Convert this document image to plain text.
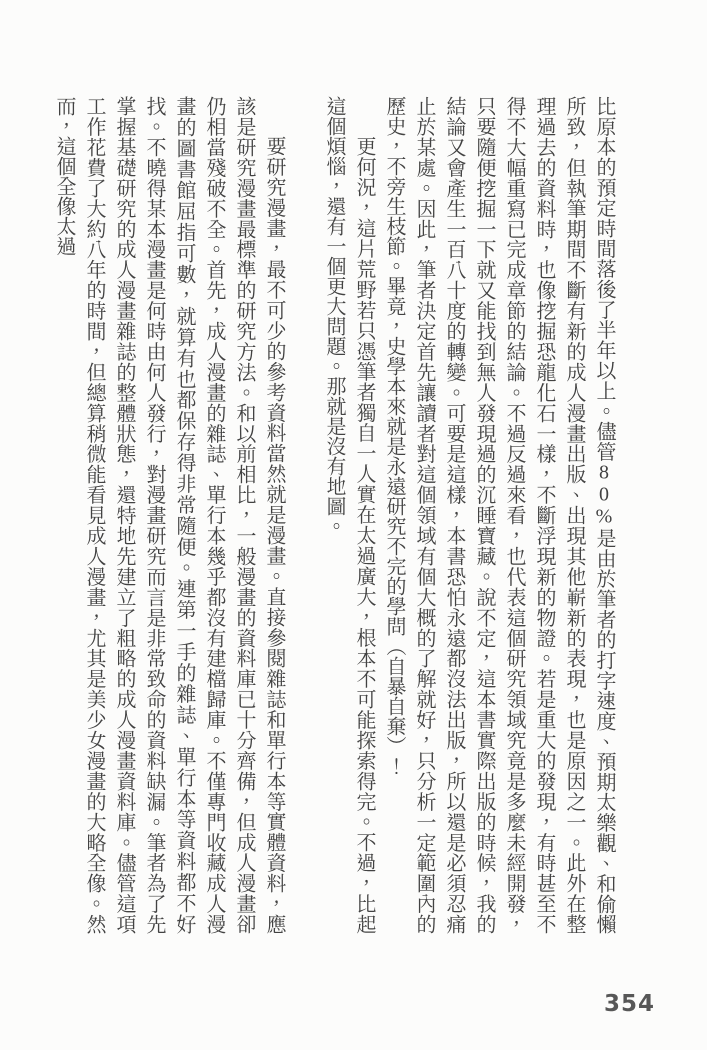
比原本的預定時間落後了半年以上。儘管80%是由於筆者的打字速度、預期太樂觀、和偷懶所致，但執筆期間不斷有新的成人漫畫出版、出現其他嶄新的表現，也是原因之一。此外在整理過去的資料時，也像挖掘恐龍化石一樣，不斷浮現新的物證。若是重大的發現，有時甚至不得不大幅重寫已完成章節的結論。不過反過來看，也代表這個研究領域究竟是多麼未經開發，只要隨便挖掘一下就又能找到無人發現過的沉睡寶藏。說不定，這本書實際出版的時候，我的結論又會產生一百八十度的轉變。可要是這樣，本書恐怕永遠都沒法出版，所以還是必須忍痛止於某處。因此，筆者決定首先讓讀者對這個領域有個大概的了解就好，只分析一定範圍內的歷史，不旁生枝節。畢竟，史學本來就是永遠研究不完的學問（自暴自棄）！

更何況，這片荒野若只憑筆者獨自一人實在太過廣大，根本不可能探索得完。不過，比起這個煩惱，還有一個更大問題。那就是沒有地圖。

要研究漫畫，最不可少的參考資料當然就是漫畫。直接參閱雜誌和單行本等實體資料，應該是研究漫畫最標準的研究方法。和以前相比，一般漫畫的資料庫已十分齊備，但成人漫畫卻仍相當殘破不全。首先，成人漫畫的雜誌、單行本幾乎都沒有建檔歸庫。不僅專門收藏成人漫畫的圖書館屈指可數，就算有也都保存得非常隨便。連第一手的雜誌、單行本等資料都不好找。不曉得某本漫畫是何時由何人發行，對漫畫研究而言是非常致命的資料缺漏。筆者為了先掌握基礎研究的成人漫畫雜誌的整體狀態，還特地先建立了粗略的成人漫畫資料庫。儘管這項工作花費了大約八年的時間，但總算稍微能看見成人漫畫，尤其是美少女漫畫的大略全像。然而，這個全像太過

354
